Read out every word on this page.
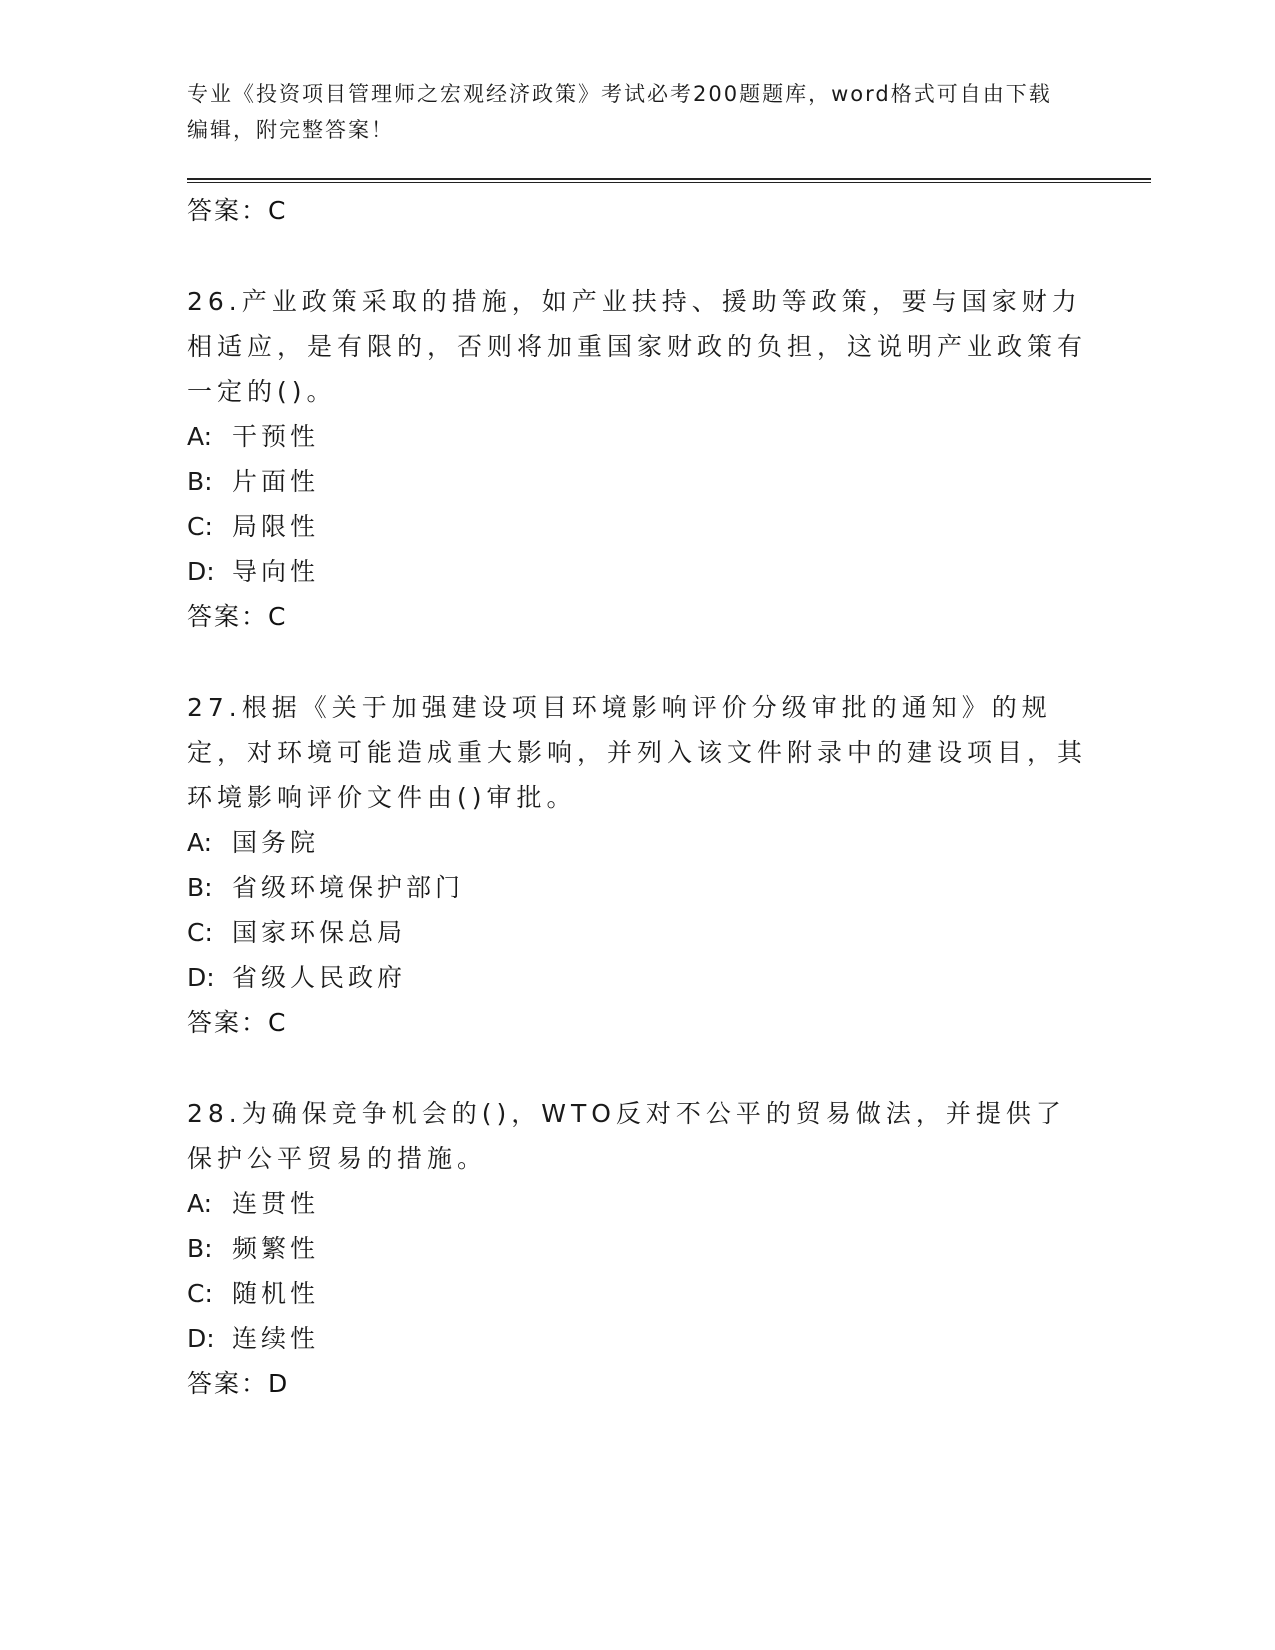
专业《投资项目管理师之宏观经济政策》考试必考200题题库，word格式可自由下载编辑，附完整答案！
答案：C
26.产业政策采取的措施，如产业扶持、援助等政策，要与国家财力相适应，是有限的，否则将加重国家财政的负担，这说明产业政策有一定的()。
A: 干预性
B: 片面性
C: 局限性
D: 导向性
答案：C
27.根据《关于加强建设项目环境影响评价分级审批的通知》的规定，对环境可能造成重大影响，并列入该文件附录中的建设项目，其环境影响评价文件由()审批。
A: 国务院
B: 省级环境保护部门
C: 国家环保总局
D: 省级人民政府
答案：C
28.为确保竞争机会的()，WTO反对不公平的贸易做法，并提供了保护公平贸易的措施。
A: 连贯性
B: 频繁性
C: 随机性
D: 连续性
答案：D
